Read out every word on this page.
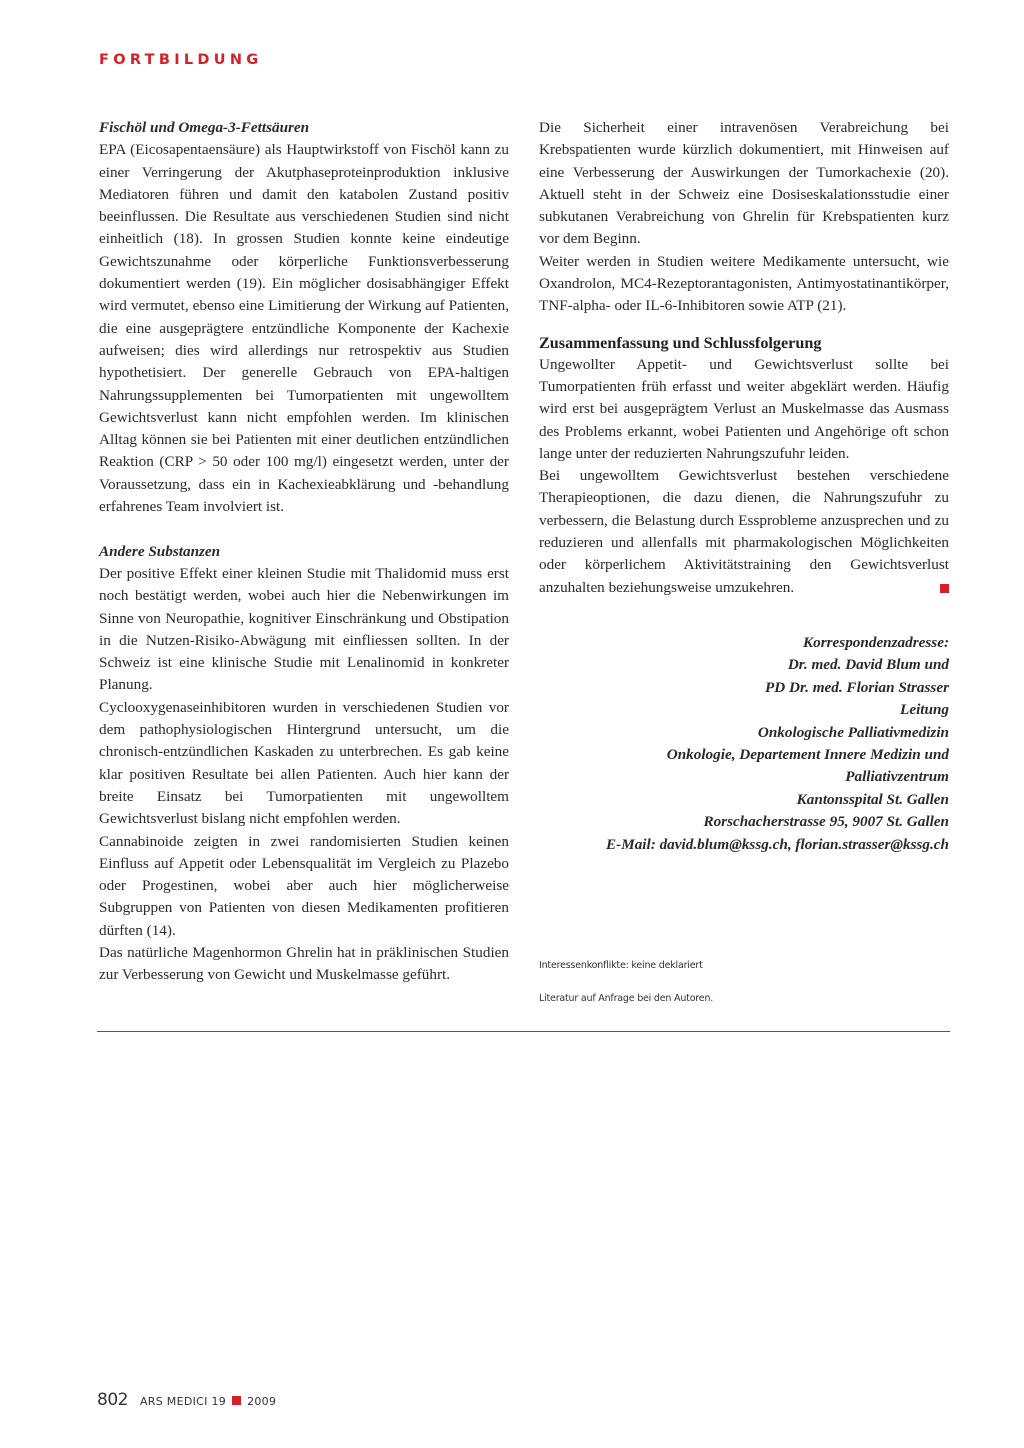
FORTBILDUNG

Fischöl und Omega-3-Fettsäuren

EPA (Eicosapentaensäure) als Hauptwirkstoff von Fischöl kann zu einer Verringerung der Akutphaseproteinproduktion inklusive Mediatoren führen und damit den katabolen Zustand positiv beeinflussen. Die Resultate aus verschiedenen Studien sind nicht einheitlich (18). In grossen Studien konnte keine eindeutige Gewichtszunahme oder körperliche Funktionsverbesserung dokumentiert werden (19). Ein möglicher dosisabhängiger Effekt wird vermutet, ebenso eine Limitierung der Wirkung auf Patienten, die eine ausgeprägtere entzündliche Komponente der Kachexie aufweisen; dies wird allerdings nur retrospektiv aus Studien hypothetisiert. Der generelle Gebrauch von EPA-haltigen Nahrungssupplementen bei Tumorpatienten mit ungewolltem Gewichtsverlust kann nicht empfohlen werden. Im klinischen Alltag können sie bei Patienten mit einer deutlichen entzündlichen Reaktion (CRP > 50 oder 100 mg/l) eingesetzt werden, unter der Voraussetzung, dass ein in Kachexieabklärung und -behandlung erfahrenes Team involviert ist.

Andere Substanzen

Der positive Effekt einer kleinen Studie mit Thalidomid muss erst noch bestätigt werden, wobei auch hier die Nebenwirkungen im Sinne von Neuropathie, kognitiver Einschränkung und Obstipation in die Nutzen-Risiko-Abwägung mit einfliessen sollten. In der Schweiz ist eine klinische Studie mit Lenalinomid in konkreter Planung.

Cyclooxygenaseinhibitoren wurden in verschiedenen Studien vor dem pathophysiologischen Hintergrund untersucht, um die chronisch-entzündlichen Kaskaden zu unterbrechen. Es gab keine klar positiven Resultate bei allen Patienten. Auch hier kann der breite Einsatz bei Tumorpatienten mit ungewolltem Gewichtsverlust bislang nicht empfohlen werden.

Cannabinoide zeigten in zwei randomisierten Studien keinen Einfluss auf Appetit oder Lebensqualität im Vergleich zu Plazebo oder Progestinen, wobei aber auch hier möglicherweise Subgruppen von Patienten von diesen Medikamenten profitieren dürften (14).

Das natürliche Magenhormon Ghrelin hat in präklinischen Studien zur Verbesserung von Gewicht und Muskelmasse geführt.

Die Sicherheit einer intravenösen Verabreichung bei Krebspatienten wurde kürzlich dokumentiert, mit Hinweisen auf eine Verbesserung der Auswirkungen der Tumorkachexie (20). Aktuell steht in der Schweiz eine Dosiseskalationsstudie einer subkutanen Verabreichung von Ghrelin für Krebspatienten kurz vor dem Beginn.

Weiter werden in Studien weitere Medikamente untersucht, wie Oxandrolon, MC4-Rezeptorantagonisten, Antimyostatinantikörper, TNF-alpha- oder IL-6-Inhibitoren sowie ATP (21).

Zusammenfassung und Schlussfolgerung

Ungewollter Appetit- und Gewichtsverlust sollte bei Tumorpatienten früh erfasst und weiter abgeklärt werden. Häufig wird erst bei ausgeprägtem Verlust an Muskelmasse das Ausmass des Problems erkannt, wobei Patienten und Angehörige oft schon lange unter der reduzierten Nahrungszufuhr leiden.

Bei ungewolltem Gewichtsverlust bestehen verschiedene Therapieoptionen, die dazu dienen, die Nahrungszufuhr zu verbessern, die Belastung durch Essprobleme anzusprechen und zu reduzieren und allenfalls mit pharmakologischen Möglichkeiten oder körperlichem Aktivitätstraining den Gewichtsverlust anzuhalten beziehungsweise umzukehren.

Korrespondenzadresse:
Dr. med. David Blum und
PD Dr. med. Florian Strasser
Leitung
Onkologische Palliativmedizin
Onkologie, Departement Innere Medizin und
Palliativzentrum
Kantonsspital St. Gallen
Rorschacherstrasse 95, 9007 St. Gallen
E-Mail: david.blum@kssg.ch, florian.strasser@kssg.ch
Interessenkonflikte: keine deklariert
Literatur auf Anfrage bei den Autoren.
802 ARS MEDICI 19 2009
